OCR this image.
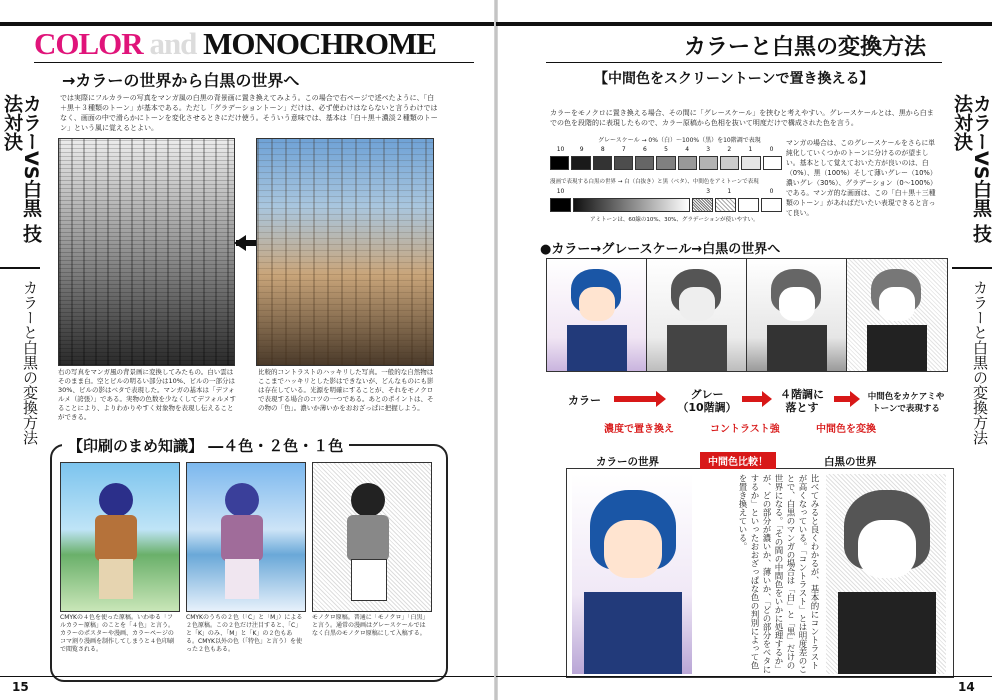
COLOR and MONOCHROME
カラーVS白黒 技法対決
カラーと白黒の変換方法
→カラーの世界から白黒の世界へ
では実際にフルカラーの写真をマンガ風の白黒の背景画に置き換えてみよう。この場合で右ページで述べたように、「白＋黒＋３種類のトーン」が基本である。ただし「グラデーショントーン」だけは、必ず使わけはならないと言うわけではなく、画面の中で滑らかにトーンを変化させるときにだけ使う。そういう意味では、基本は「白＋黒＋濃淡２種類のトーン」という風に覚えるとよい。
右の写真をマンガ風の背景画に変換してみたもの。白い雲はそのまま白。空とビルの明るい部分は10%、ビルの一部分は30%、ビルの影はベタで表現した。マンガの基本は「デフォルメ（誇張）」である。実物の色数を少なくしてデフォルメすることにより、よりわかりやすく対象物を表現し伝えることができる。
比較的コントラストのハッキリした写真。一般的な自然物はここまでハッキリとした影はできないが、どんなものにも影は存在している。光源を明確にすることが、それをモノクロで表現する場合のコツの一つである。あとのポイントは、その物の「色」。濃いか薄いかをおおざっぱに把握しよう。
【印刷のまめ知識】 ―４色・２色・１色
CMYKの４色を使った原稿。いわゆる「フルカラー原稿」のことを「４色」と言う。カラーのポスターや漫画、カラーページのコマ割り漫画を制作してしまうと４色印刷で閲覧される。
CMYKのうちの２色（「C」と「M」）による２色原稿。この２色だけ注目すると、「C」と「K」のみ、「M」と「K」の２色もある。CMYK以外の色（「特色」と言う）を使った２色もある。
モノクロ原稿。普通に「モノクロ」「白黒」と言う。通常の漫画はグレースケールではなく白黒のモノクロ原稿にして入稿する。
15
カラーと白黒の変換方法
カラーVS白黒 技法対決
カラーと白黒の変換方法
【中間色をスクリーントーンで置き換える】
カラーをモノクロに置き換える場合、その間に「グレースケール」を挟むと考えやすい。グレースケールとは、黒から白までの色を段階的に表現したもので、カラー原稿から色相を抜いて明度だけで構成された色を言う。
グレースケール → 0%（白）〜100%（黒）を10階調で表現
10	9	8	7	6	5	4	3	2	1	0
漫画で表現する白黒の世界 → 白（白抜き）と黒（ベタ）、中間色をアミトーンで表現
10	3	1	0
アミトーンは、60線の10%、30%、グラデーションが使いやすい。
マンガの場合は、このグレースケールをさらに単純化していくつかのトーンに分けるのが望ましい。基本として覚えておいた方が良いのは、白（0%）、黒（100%）そして薄いグレー（10%）濃いグレ（30%）、グラデーション（0〜100%）である。マンガ的な画面は、この「白＋黒＋三種類のトーン」があればだいたい表現できると言って良い。
●カラー→グレースケール→白黒の世界へ
カラー	グレー
（10階調）
４階調に
落とす
中間色をカケアミや
トーンで表現する
濃度で置き換え	コントラスト強	中間色を変換
カラーの世界	中間色比較！	白黒の世界
比べてみると良くわかるが、基本的にコントラストが高くなっている。「コントラスト」とは明度差のことで、白黒のマンガの場合は「白」と「黒」だけの世界になる。「その間の中間色をいかに処理するか」が、どの部分が濃いか、薄いか、「どの部分をベタにするか」といったおおざっぱな色の判別によって色を置き換えている。
14
